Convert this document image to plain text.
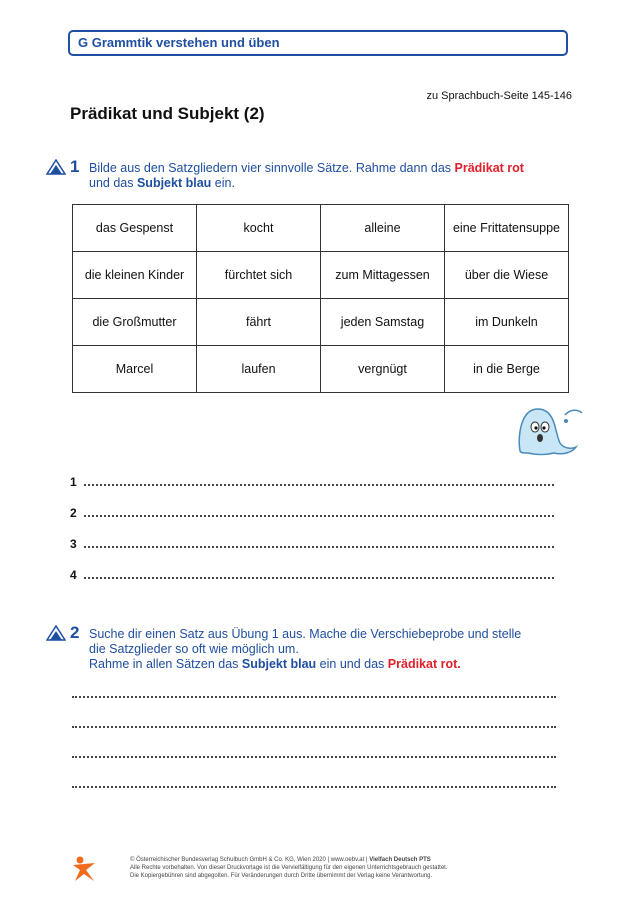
G Grammtik verstehen und üben
zu Sprachbuch-Seite 145-146
Prädikat und Subjekt (2)
1 Bilde aus den Satzgliedern vier sinnvolle Sätze. Rahme dann das Prädikat rot
und das Subjekt blau ein.
das Gespenst	kocht	alleine	eine Frittatensuppe
die kleinen Kinder	fürchtet sich	zum Mittagessen	über die Wiese
die Großmutter	fährt	jeden Samstag	im Dunkeln
Marcel	laufen	vergnügt	in die Berge
1
2
3
4
2 Suche dir einen Satz aus Übung 1 aus. Mache die Verschiebeprobe und stelle
die Satzglieder so oft wie möglich um.
Rahme in allen Sätzen das Subjekt blau ein und das Prädikat rot.
© Österreichischer Bundesverlag Schulbuch GmbH & Co. KG, Wien 2020 | www.oebv.at | Vielfach Deutsch PTS
Alle Rechte vorbehalten. Von dieser Druckvorlage ist die Vervielfältigung für den eigenen Unterrichtsgebrauch gestattet.
Die Kopiergebühren sind abgegolten. Für Veränderungen durch Dritte übernimmt der Verlag keine Verantwortung.
